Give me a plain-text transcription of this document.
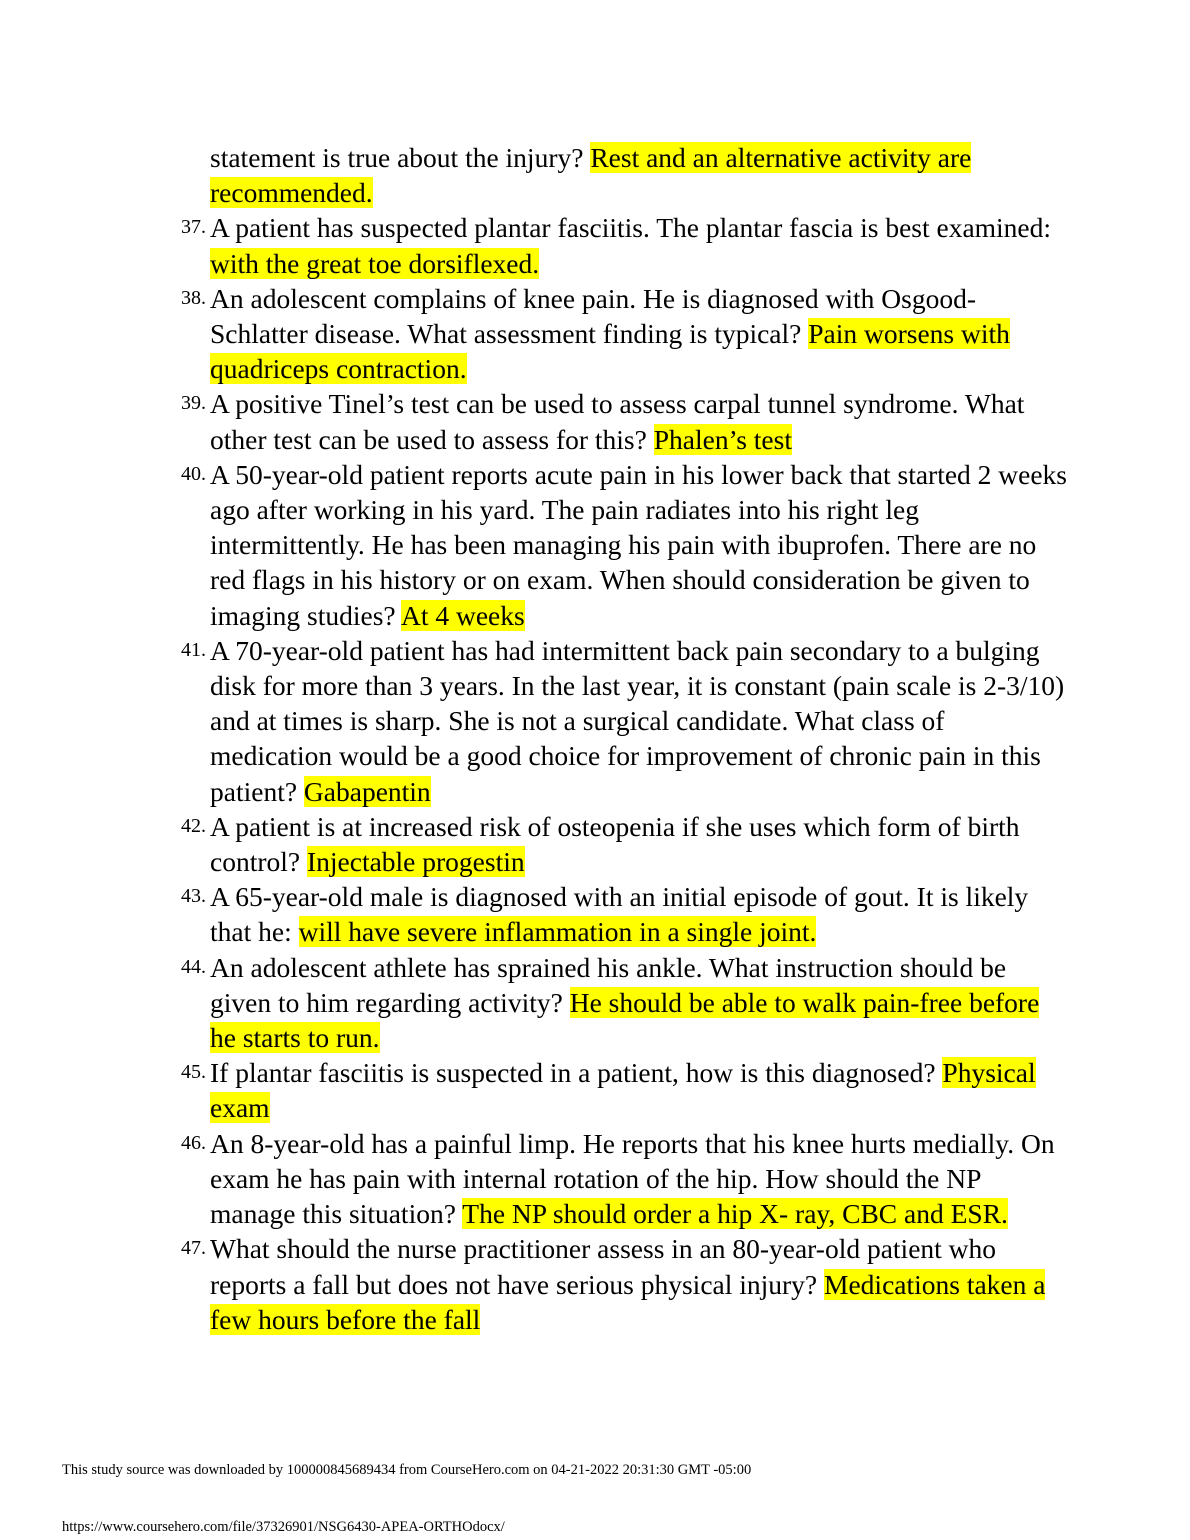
statement is true about the injury? Rest and an alternative activity are recommended.
37. A patient has suspected plantar fasciitis. The plantar fascia is best examined: with the great toe dorsiflexed.
38. An adolescent complains of knee pain. He is diagnosed with Osgood-Schlatter disease. What assessment finding is typical? Pain worsens with quadriceps contraction.
39. A positive Tinel’s test can be used to assess carpal tunnel syndrome. What other test can be used to assess for this? Phalen’s test
40. A 50-year-old patient reports acute pain in his lower back that started 2 weeks ago after working in his yard. The pain radiates into his right leg intermittently. He has been managing his pain with ibuprofen. There are no red flags in his history or on exam. When should consideration be given to imaging studies? At 4 weeks
41. A 70-year-old patient has had intermittent back pain secondary to a bulging disk for more than 3 years. In the last year, it is constant (pain scale is 2-3/10) and at times is sharp. She is not a surgical candidate. What class of medication would be a good choice for improvement of chronic pain in this patient? Gabapentin
42. A patient is at increased risk of osteopenia if she uses which form of birth control? Injectable progestin
43. A 65-year-old male is diagnosed with an initial episode of gout. It is likely that he: will have severe inflammation in a single joint.
44. An adolescent athlete has sprained his ankle. What instruction should be given to him regarding activity? He should be able to walk pain-free before he starts to run.
45. If plantar fasciitis is suspected in a patient, how is this diagnosed? Physical exam
46. An 8-year-old has a painful limp. He reports that his knee hurts medially. On exam he has pain with internal rotation of the hip. How should the NP manage this situation? The NP should order a hip X- ray, CBC and ESR.
47. What should the nurse practitioner assess in an 80-year-old patient who reports a fall but does not have serious physical injury? Medications taken a few hours before the fall
This study source was downloaded by 100000845689434 from CourseHero.com on 04-21-2022 20:31:30 GMT -05:00
https://www.coursehero.com/file/37326901/NSG6430-APEA-ORTHOdocx/
